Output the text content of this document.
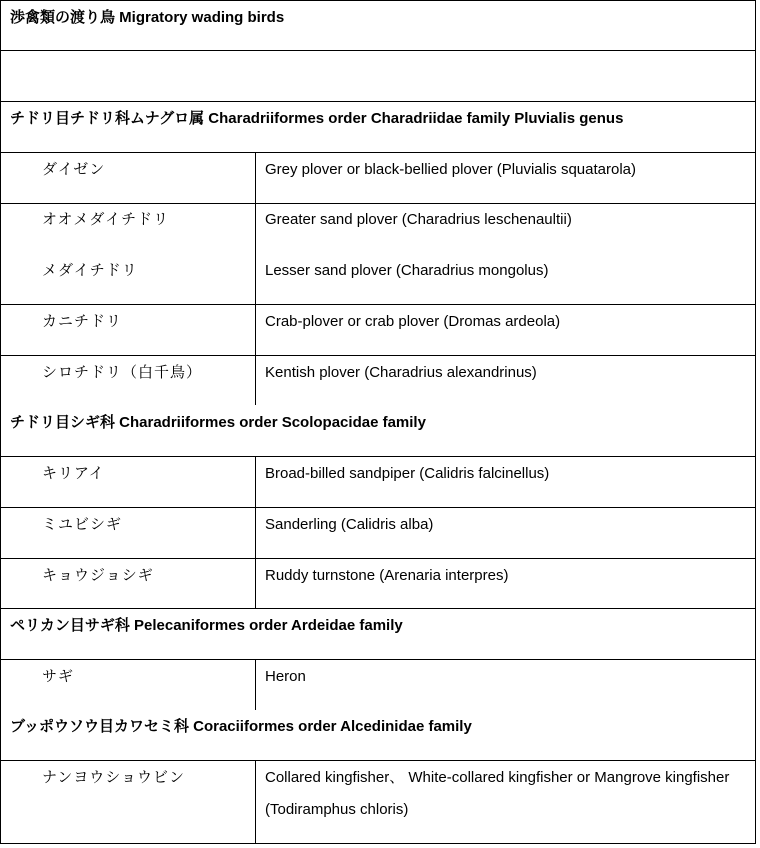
渉禽類の渡り鳥 Migratory wading birds
チドリ目チドリ科ムナグロ属 Charadriiformes order Charadriidae family Pluvialis genus
ダイゼン	Grey plover or black-bellied plover (Pluvialis squatarola)
オオメダイチドリ	Greater sand plover (Charadrius leschenaultii)
メダイチドリ	Lesser sand plover (Charadrius mongolus)
カニチドリ	Crab-plover or crab plover (Dromas ardeola)
シロチドリ（白千鳥）	Kentish plover (Charadrius alexandrinus)
チドリ目シギ科 Charadriiformes order Scolopacidae family
キリアイ	Broad-billed sandpiper (Calidris falcinellus)
ミユビシギ	Sanderling (Calidris alba)
キョウジョシギ	Ruddy turnstone (Arenaria interpres)
ペリカン目サギ科 Pelecaniformes order Ardeidae family
サギ	Heron
ブッポウソウ目カワセミ科 Coraciiformes order Alcedinidae family
ナンヨウショウビン	Collared kingfisher、 White-collared kingfisher or Mangrove kingfisher (Todiramphus chloris)
